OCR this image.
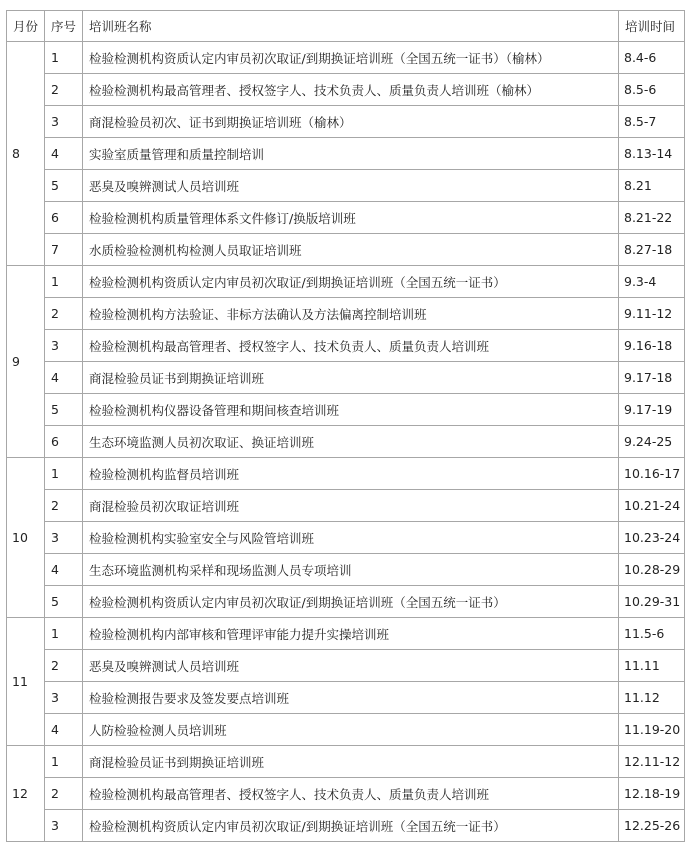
月份	序号	培训班名称	培训时间
8	1	检验检测机构资质认定内审员初次取证/到期换证培训班（全国五统一证书）（榆林）	8.4-6
	2	检验检测机构最高管理者、授权签字人、技术负责人、质量负责人培训班（榆林）	8.5-6
	3	商混检验员初次、证书到期换证培训班（榆林）	8.5-7
	4	实验室质量管理和质量控制培训	8.13-14
	5	恶臭及嗅辨测试人员培训班	8.21
	6	检验检测机构质量管理体系文件修订/换版培训班	8.21-22
	7	水质检验检测机构检测人员取证培训班	8.27-18
9	1	检验检测机构资质认定内审员初次取证/到期换证培训班（全国五统一证书）	9.3-4
	2	检验检测机构方法验证、非标方法确认及方法偏离控制培训班	9.11-12
	3	检验检测机构最高管理者、授权签字人、技术负责人、质量负责人培训班	9.16-18
	4	商混检验员证书到期换证培训班	9.17-18
	5	检验检测机构仪器设备管理和期间核查培训班	9.17-19
	6	生态环境监测人员初次取证、换证培训班	9.24-25
10	1	检验检测机构监督员培训班	10.16-17
	2	商混检验员初次取证培训班	10.21-24
	3	检验检测机构实验室安全与风险管培训班	10.23-24
	4	生态环境监测机构采样和现场监测人员专项培训	10.28-29
	5	检验检测机构资质认定内审员初次取证/到期换证培训班（全国五统一证书）	10.29-31
11	1	检验检测机构内部审核和管理评审能力提升实操培训班	11.5-6
	2	恶臭及嗅辨测试人员培训班	11.11
	3	检验检测报告要求及签发要点培训班	11.12
	4	人防检验检测人员培训班	11.19-20
12	1	商混检验员证书到期换证培训班	12.11-12
	2	检验检测机构最高管理者、授权签字人、技术负责人、质量负责人培训班	12.18-19
	3	检验检测机构资质认定内审员初次取证/到期换证培训班（全国五统一证书）	12.25-26
